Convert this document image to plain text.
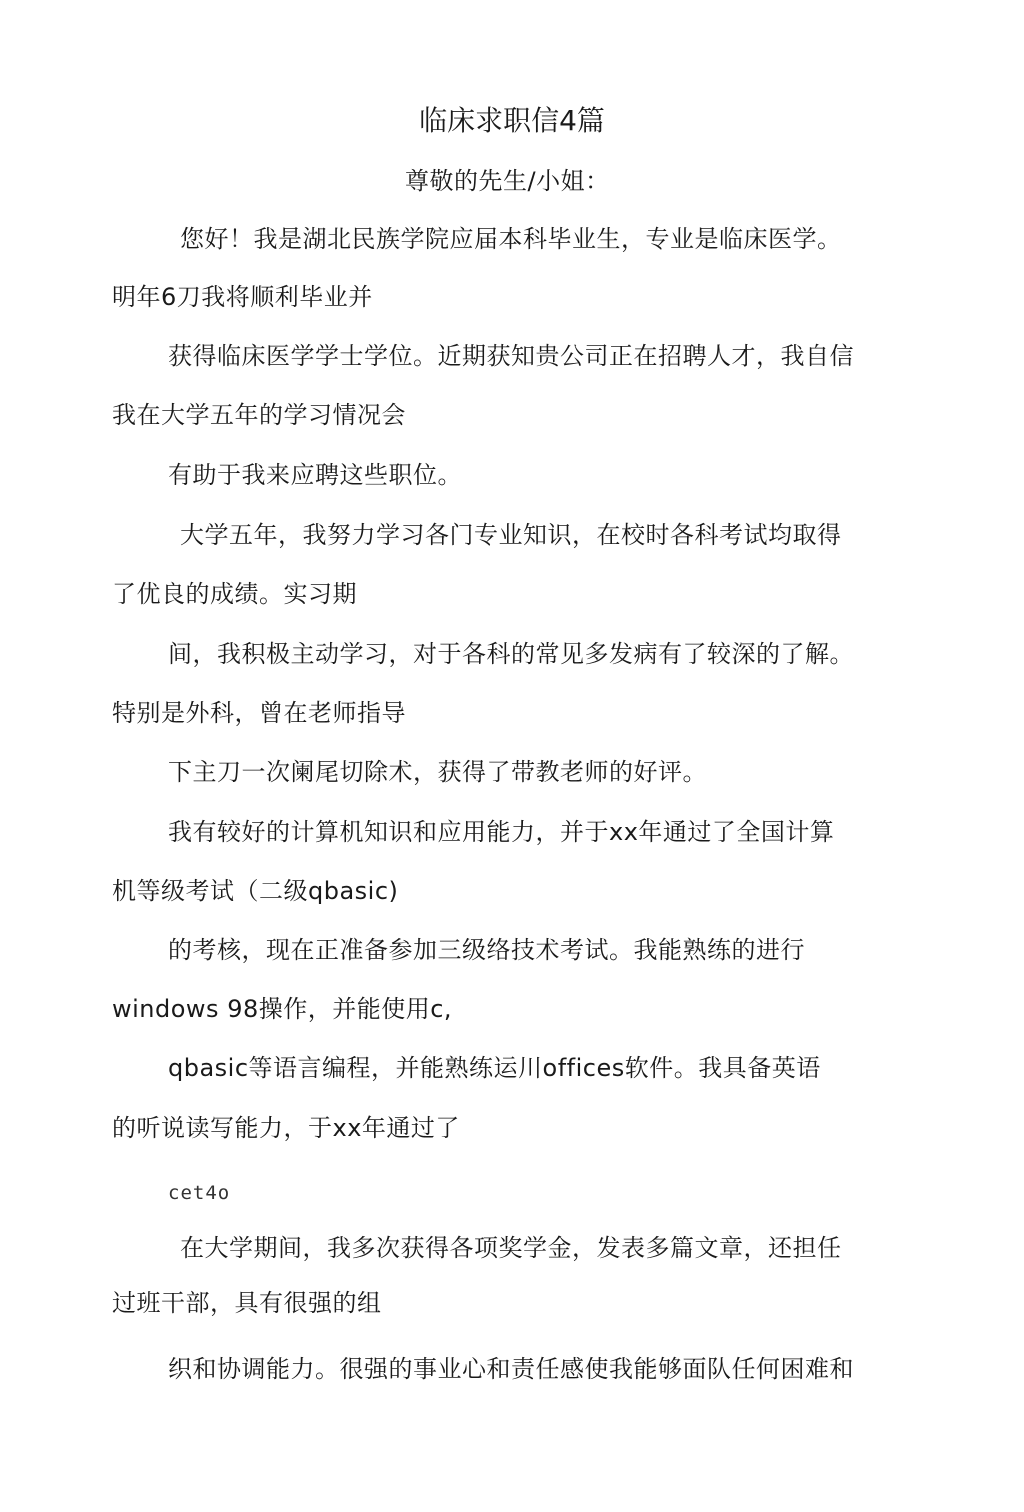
临床求职信4篇
尊敬的先生/小姐：
您好！我是湖北民族学院应届本科毕业生，专业是临床医学。
明年6刀我将顺利毕业并
获得临床医学学士学位。近期获知贵公司正在招聘人才，我自信
我在大学五年的学习情况会
有助于我来应聘这些职位。
大学五年，我努力学习各门专业知识，在校时各科考试均取得
了优良的成绩。实习期
间，我积极主动学习，对于各科的常见多发病有了较深的了解。
特别是外科，曾在老师指导
下主刀一次阑尾切除术，获得了带教老师的好评。
我有较好的计算机知识和应用能力，并于xx年通过了全国计算
机等级考试（二级qbasic)
的考核，现在正准备参加三级络技术考试。我能熟练的进行
windows 98操作，并能使用c,
qbasic等语言编程，并能熟练运川offices软件。我具备英语
的听说读写能力，于xx年通过了
cet4o
在大学期间，我多次获得各项奖学金，发表多篇文章，还担任
过班干部，具有很强的组
织和协调能力。很强的事业心和责任感使我能够面队任何困难和
